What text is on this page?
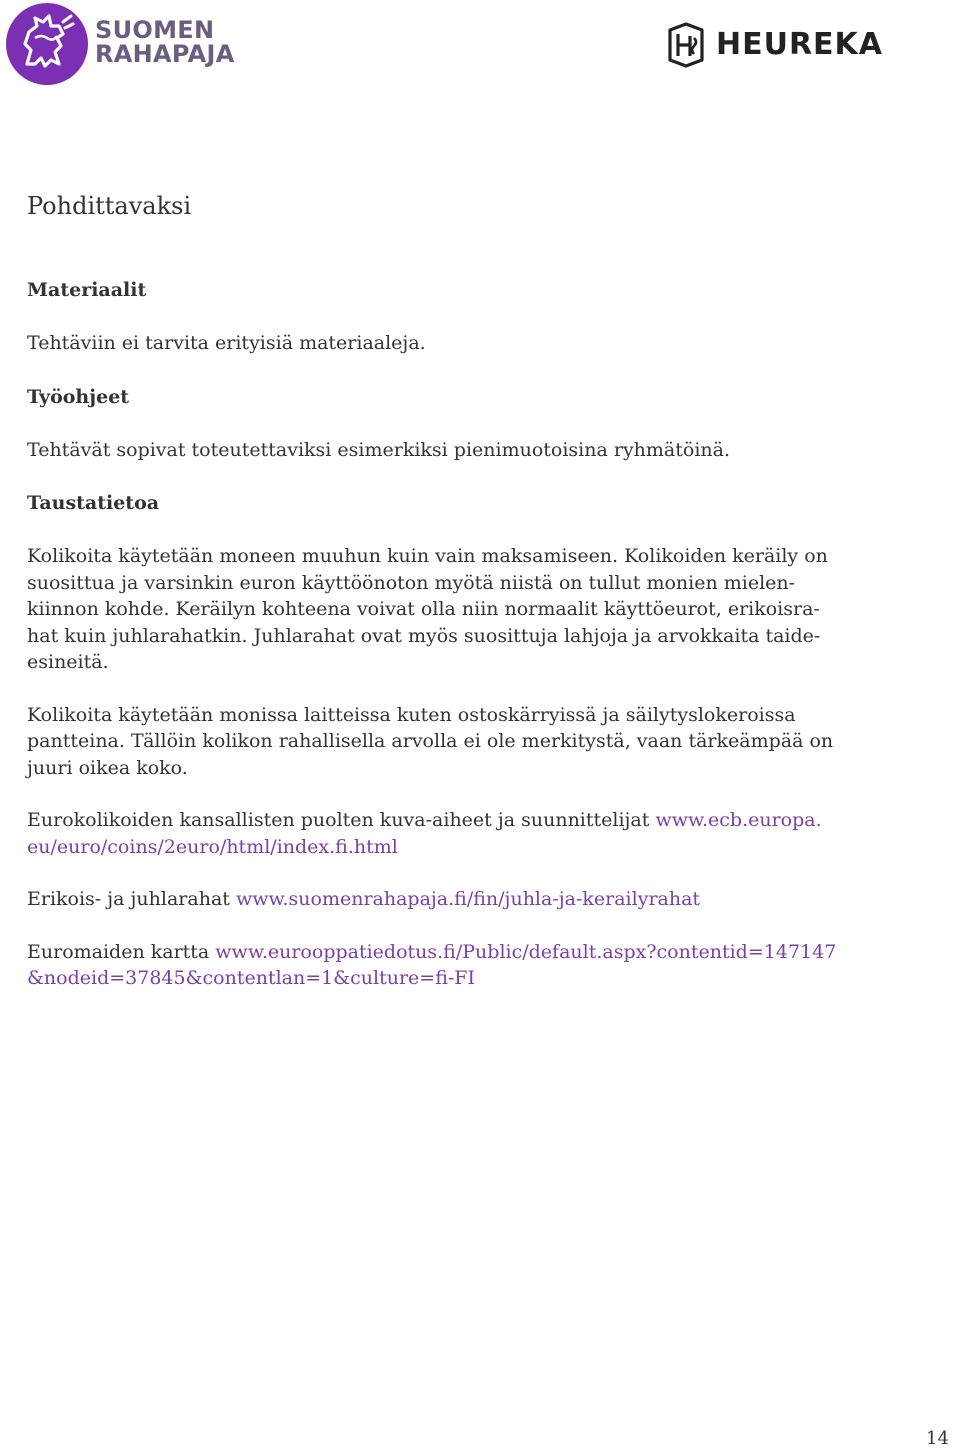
SUOMEN
RAHAPAJA	HEUREKA
Pohdittavaksi
Materiaalit

Tehtäviin ei tarvita erityisiä materiaaleja.

Työohjeet

Tehtävät sopivat toteutettaviksi esimerkiksi pienimuotoisina ryhmätöinä.

Taustatietoa
Kolikoita käytetään moneen muuhun kuin vain maksamiseen. Kolikoiden keräily on
suosittua ja varsinkin euron käyttöönoton myötä niistä on tullut monien mielen-
kiinnon kohde. Keräilyn kohteena voivat olla niin normaalit käyttöeurot, erikoisra-
hat kuin juhlarahatkin. Juhlarahat ovat myös suosittuja lahjoja ja arvokkaita taide-
esineitä.
Kolikoita käytetään monissa laitteissa kuten ostoskärryissä ja säilytyslokeroissa
pantteina. Tällöin kolikon rahallisella arvolla ei ole merkitystä, vaan tärkeämpää on
juuri oikea koko.
Eurokolikoiden kansallisten puolten kuva-aiheet ja suunnittelijat www.ecb.europa.
eu/euro/coins/2euro/html/index.fi.html
Erikois- ja juhlarahat www.suomenrahapaja.fi/fin/juhla-ja-kerailyrahat
Euromaiden kartta www.eurooppatiedotus.fi/Public/default.aspx?contentid=147147
&nodeid=37845&contentlan=1&culture=fi-FI
14
